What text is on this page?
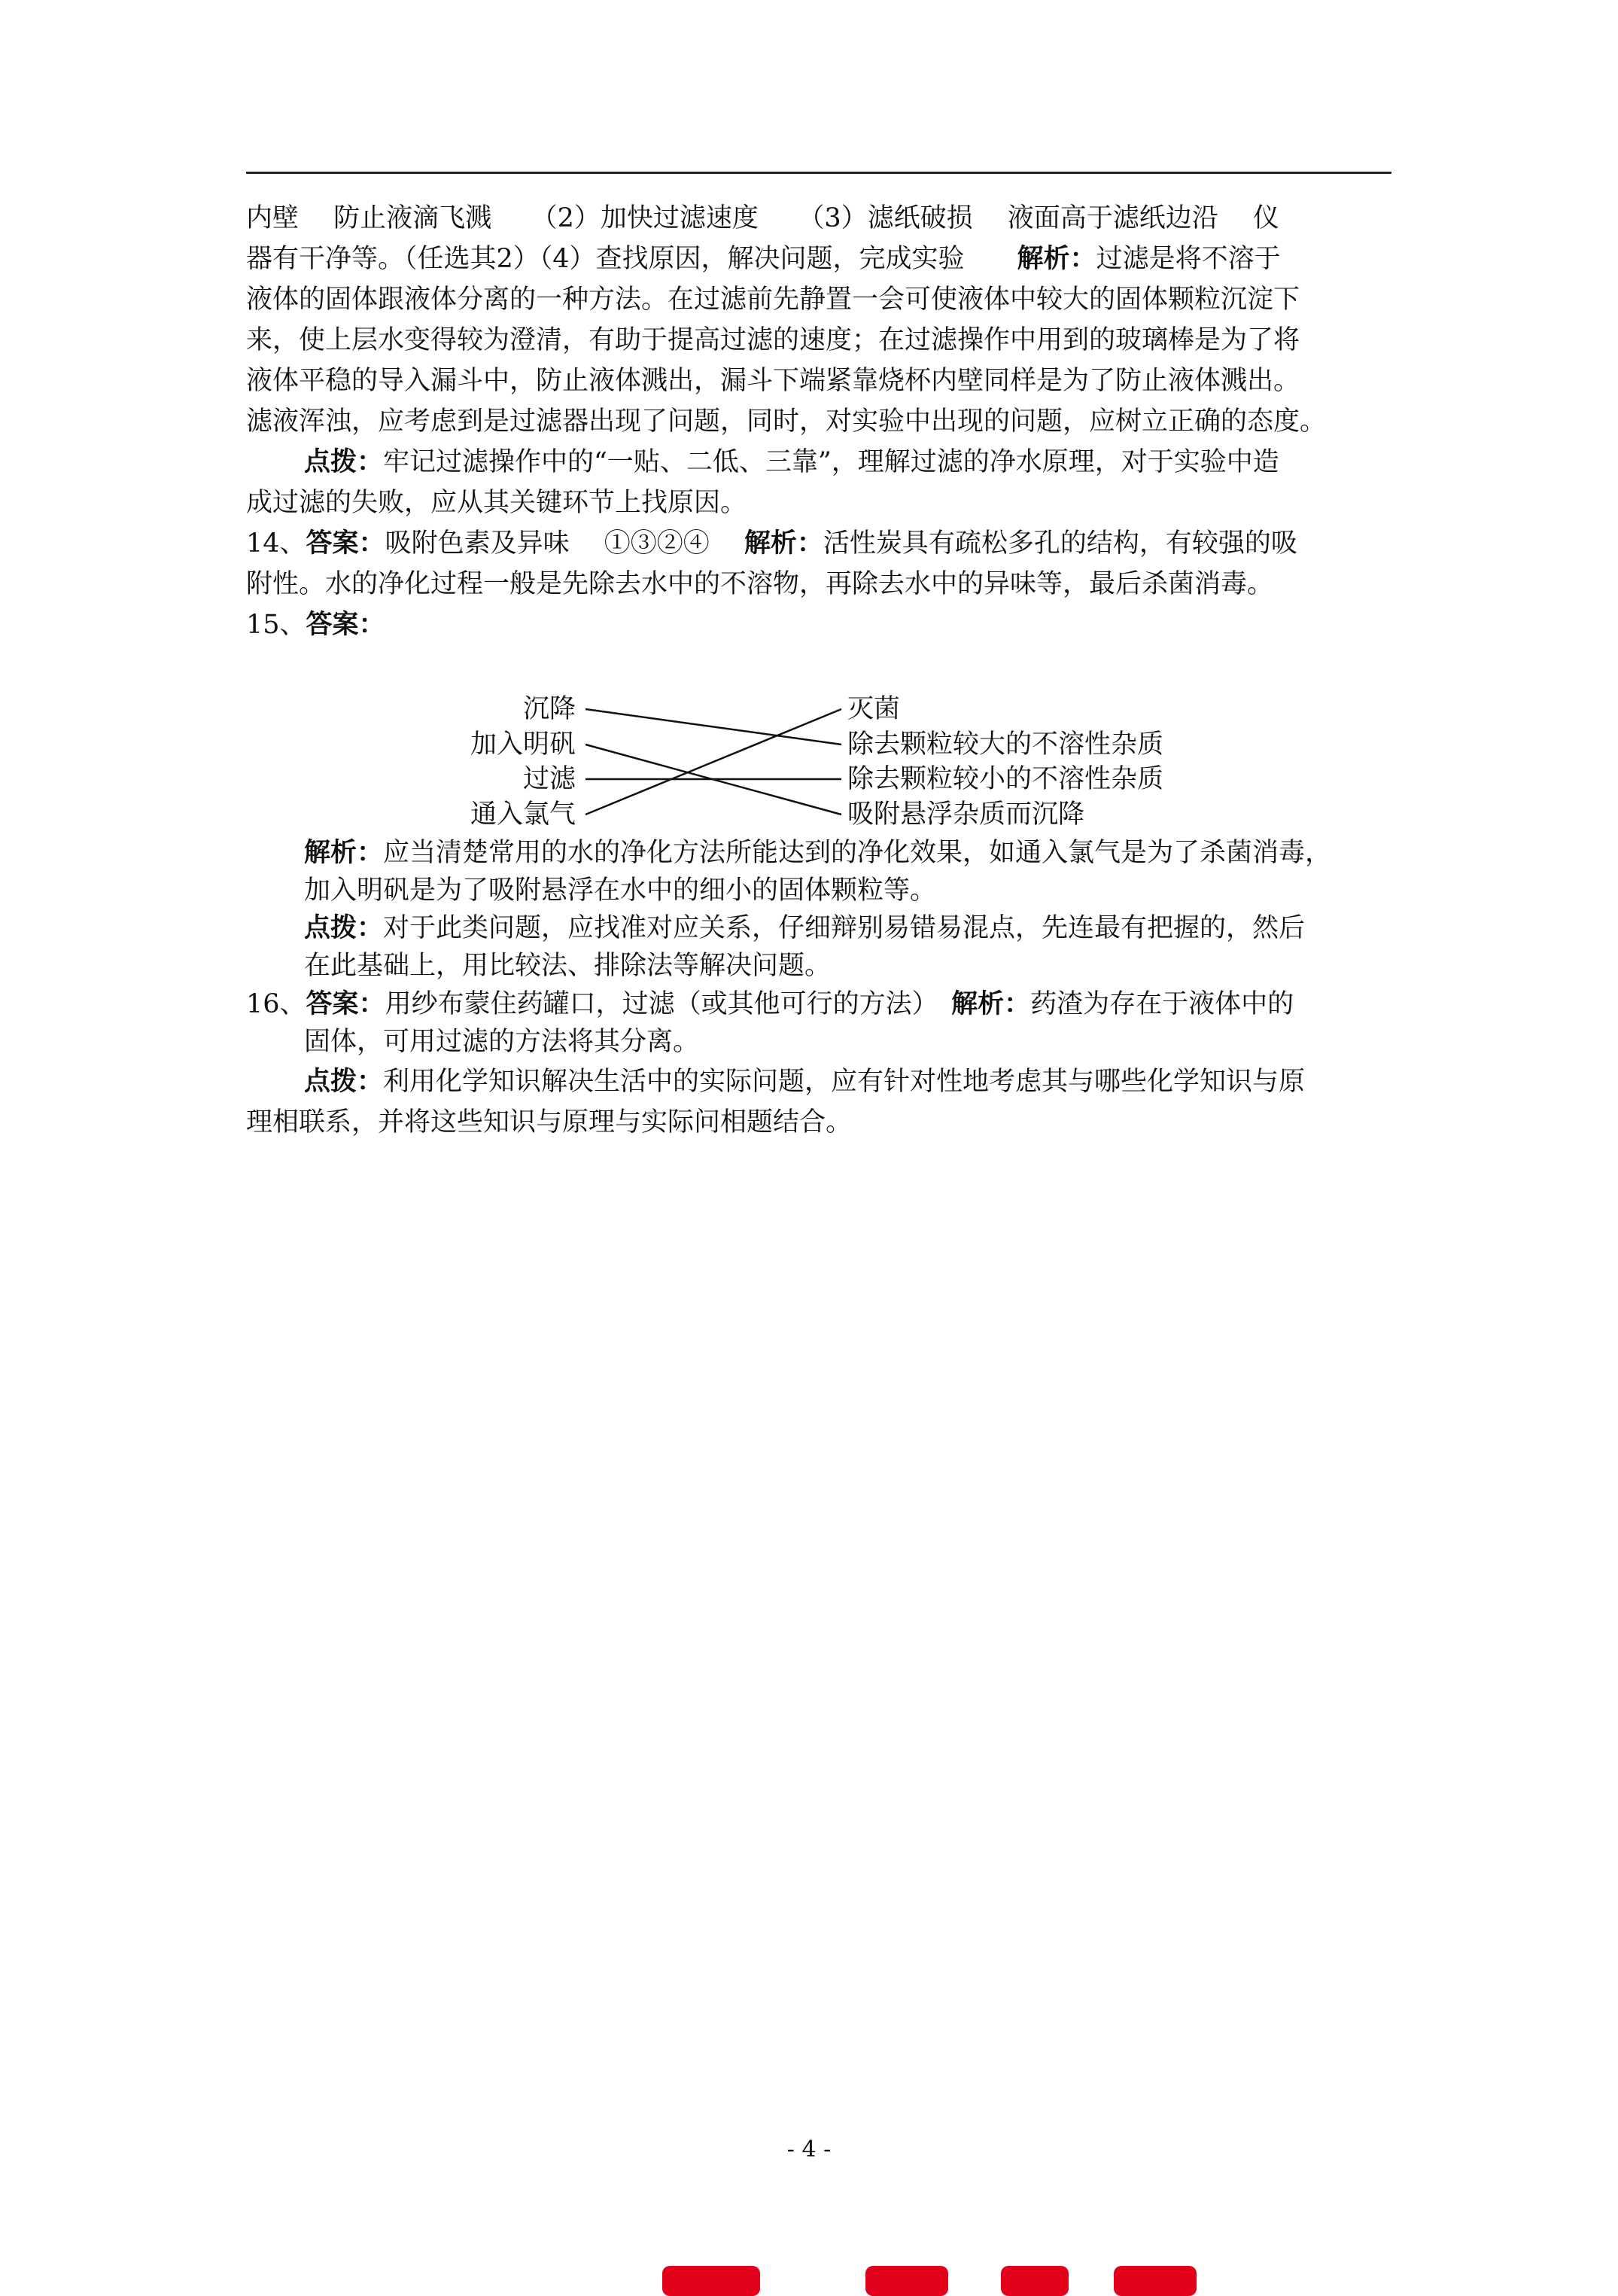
内壁　 防止液滴飞溅　　（2）加快过滤速度　　（3）滤纸破损　 液面高于滤纸边沿　 仪
器有干净等。（任选其2）（4）查找原因，解决问题，完成实验　　解析：过滤是将不溶于
液体的固体跟液体分离的一种方法。在过滤前先静置一会可使液体中较大的固体颗粒沉淀下
来，使上层水变得较为澄清，有助于提高过滤的速度；在过滤操作中用到的玻璃棒是为了将
液体平稳的导入漏斗中，防止液体溅出，漏斗下端紧靠烧杯内壁同样是为了防止液体溅出。
滤液浑浊，应考虑到是过滤器出现了问题，同时，对实验中出现的问题，应树立正确的态度。
点拨：牢记过滤操作中的“一贴、二低、三靠”，理解过滤的净水原理，对于实验中造
成过滤的失败，应从其关键环节上找原因。
14、答案：吸附色素及异味　 ①③②④　 解析：活性炭具有疏松多孔的结构，有较强的吸
附性。水的净化过程一般是先除去水中的不溶物，再除去水中的异味等，最后杀菌消毒。
15、答案：
沉降
加入明矾
过滤
通入氯气
灭菌
除去颗粒较大的不溶性杂质
除去颗粒较小的不溶性杂质
吸附悬浮杂质而沉降
解析：应当清楚常用的水的净化方法所能达到的净化效果，如通入氯气是为了杀菌消毒，
加入明矾是为了吸附悬浮在水中的细小的固体颗粒等。
点拨：对于此类问题，应找准对应关系，仔细辩别易错易混点，先连最有把握的，然后
在此基础上，用比较法、排除法等解决问题。
16、答案：用纱布蒙住药罐口，过滤（或其他可行的方法）　解析：药渣为存在于液体中的
固体，可用过滤的方法将其分离。
点拨：利用化学知识解决生活中的实际问题，应有针对性地考虑其与哪些化学知识与原
理相联系，并将这些知识与原理与实际问相题结合。
- 4 -
